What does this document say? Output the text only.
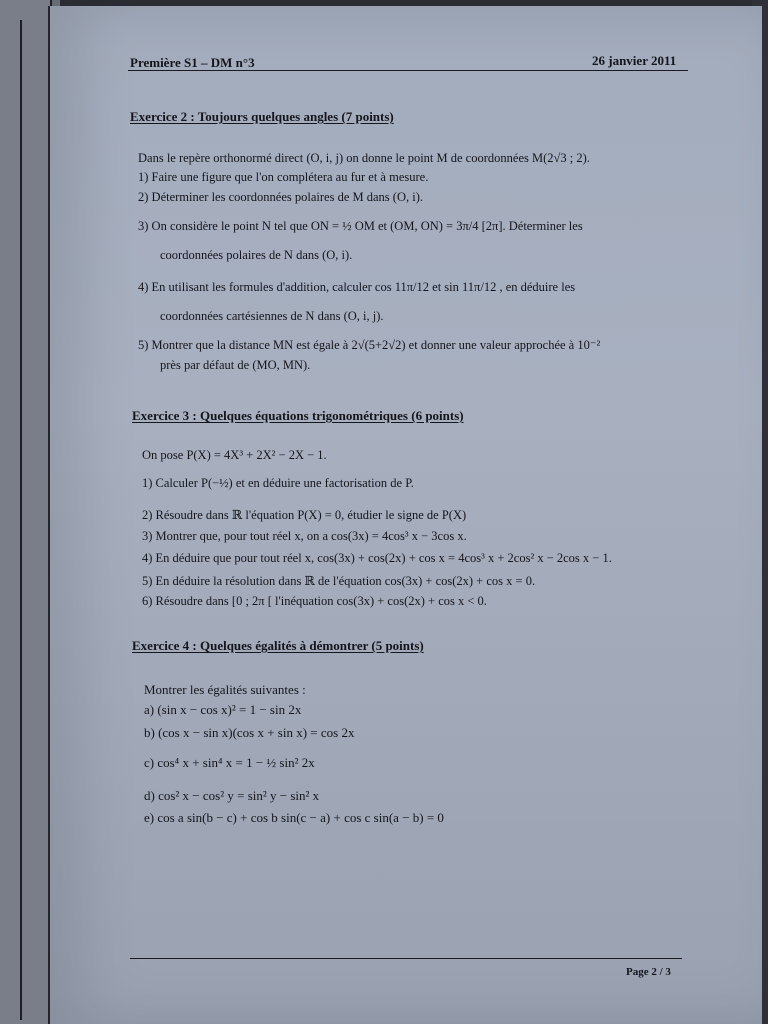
Première S1 – DM n°3	26 janvier 2011
Exercice 2 : Toujours quelques angles (7 points)
Dans le repère orthonormé direct (O, i, j) on donne le point M de coordonnées M(2√3 ; 2).
1) Faire une figure que l'on complétera au fur et à mesure.
2) Déterminer les coordonnées polaires de M dans (O, i).
3) On considère le point N tel que ON = ½ OM et (OM, ON) = 3π/4 [2π]. Déterminer les
coordonnées polaires de N dans (O, i).
4) En utilisant les formules d'addition, calculer cos 11π/12 et sin 11π/12 , en déduire les
coordonnées cartésiennes de N dans (O, i, j).
5) Montrer que la distance MN est égale à 2√(5+2√2) et donner une valeur approchée à 10⁻²
près par défaut de (MO, MN).
Exercice 3 : Quelques équations trigonométriques (6 points)
On pose P(X) = 4X³ + 2X² − 2X − 1.
1) Calculer P(−½) et en déduire une factorisation de P.
2) Résoudre dans ℝ l'équation P(X) = 0, étudier le signe de P(X)
3) Montrer que, pour tout réel x, on a cos(3x) = 4cos³ x − 3cos x.
4) En déduire que pour tout réel x, cos(3x) + cos(2x) + cos x = 4cos³ x + 2cos² x − 2cos x − 1.
5) En déduire la résolution dans ℝ de l'équation cos(3x) + cos(2x) + cos x = 0.
6) Résoudre dans [0 ; 2π [ l'inéquation cos(3x) + cos(2x) + cos x < 0.
Exercice 4 : Quelques égalités à démontrer (5 points)
Montrer les égalités suivantes :
a) (sin x − cos x)² = 1 − sin 2x
b) (cos x − sin x)(cos x + sin x) = cos 2x
c) cos⁴ x + sin⁴ x = 1 − ½ sin² 2x
d) cos² x − cos² y = sin² y − sin² x
e) cos a sin(b − c) + cos b sin(c − a) + cos c sin(a − b) = 0
Page 2 / 3
